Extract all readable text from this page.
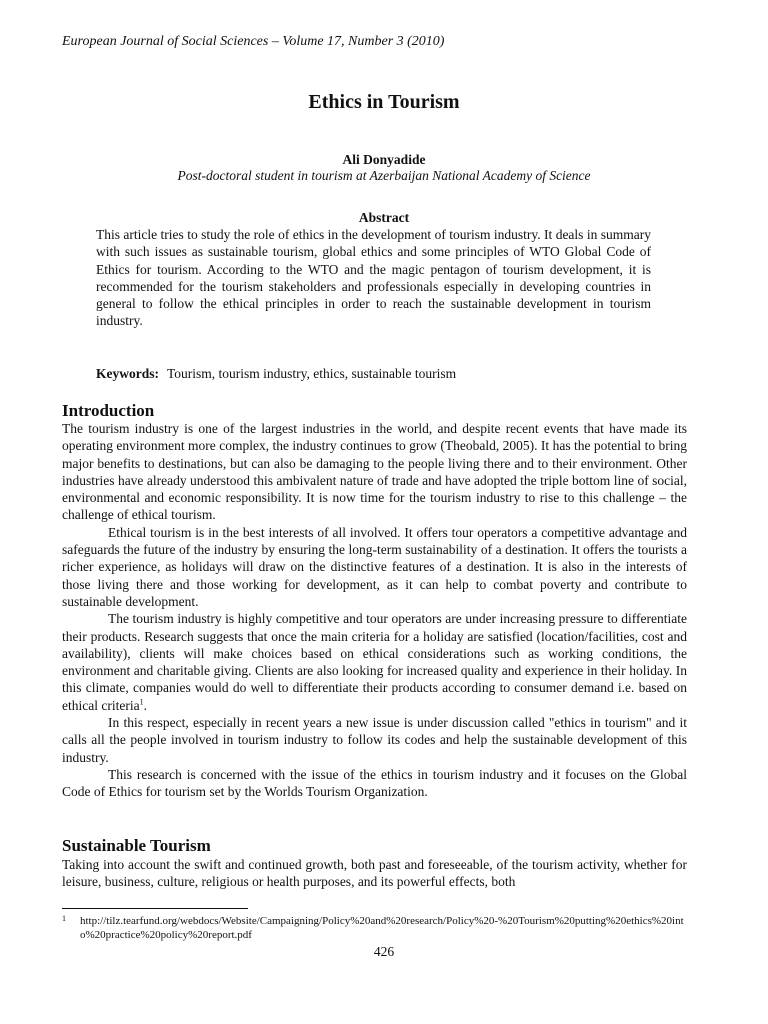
European Journal of Social Sciences – Volume 17, Number 3 (2010)
Ethics in Tourism
Ali Donyadide
Post-doctoral student in tourism at Azerbaijan National Academy of Science
Abstract
This article tries to study the role of ethics in the development of tourism industry. It deals in summary with such issues as sustainable tourism, global ethics and some principles of WTO Global Code of Ethics for tourism. According to the WTO and the magic pentagon of tourism development, it is recommended for the tourism stakeholders and professionals especially in developing countries in general to follow the ethical principles in order to reach the sustainable development in tourism industry.
Keywords: Tourism, tourism industry, ethics, sustainable tourism
Introduction

The tourism industry is one of the largest industries in the world, and despite recent events that have made its operating environment more complex, the industry continues to grow (Theobald, 2005). It has the potential to bring major benefits to destinations, but can also be damaging to the people living there and to their environment. Other industries have already understood this ambivalent nature of trade and have adopted the triple bottom line of social, environmental and economic responsibility. It is now time for the tourism industry to rise to this challenge – the challenge of ethical tourism.

Ethical tourism is in the best interests of all involved. It offers tour operators a competitive advantage and safeguards the future of the industry by ensuring the long-term sustainability of a destination. It offers the tourists a richer experience, as holidays will draw on the distinctive features of a destination. It is also in the interests of those living there and those working for development, as it can help to combat poverty and contribute to sustainable development.

The tourism industry is highly competitive and tour operators are under increasing pressure to differentiate their products. Research suggests that once the main criteria for a holiday are satisfied (location/facilities, cost and availability), clients will make choices based on ethical considerations such as working conditions, the environment and charitable giving. Clients are also looking for increased quality and experience in their holiday. In this climate, companies would do well to differentiate their products according to consumer demand i.e. based on ethical criteria$^1$.

In this respect, especially in recent years a new issue is under discussion called "ethics in tourism" and it calls all the people involved in tourism industry to follow its codes and help the sustainable development of this industry.

This research is concerned with the issue of the ethics in tourism industry and it focuses on the Global Code of Ethics for tourism set by the Worlds Tourism Organization.

Sustainable Tourism

Taking into account the swift and continued growth, both past and foreseeable, of the tourism activity, whether for leisure, business, culture, religious or health purposes, and its powerful effects, both

1	http://tilz.tearfund.org/webdocs/Website/Campaigning/Policy%20and%20research/Policy%20-%20Tourism%20putting%20ethics%20into%20practice%20policy%20report.pdf
426
